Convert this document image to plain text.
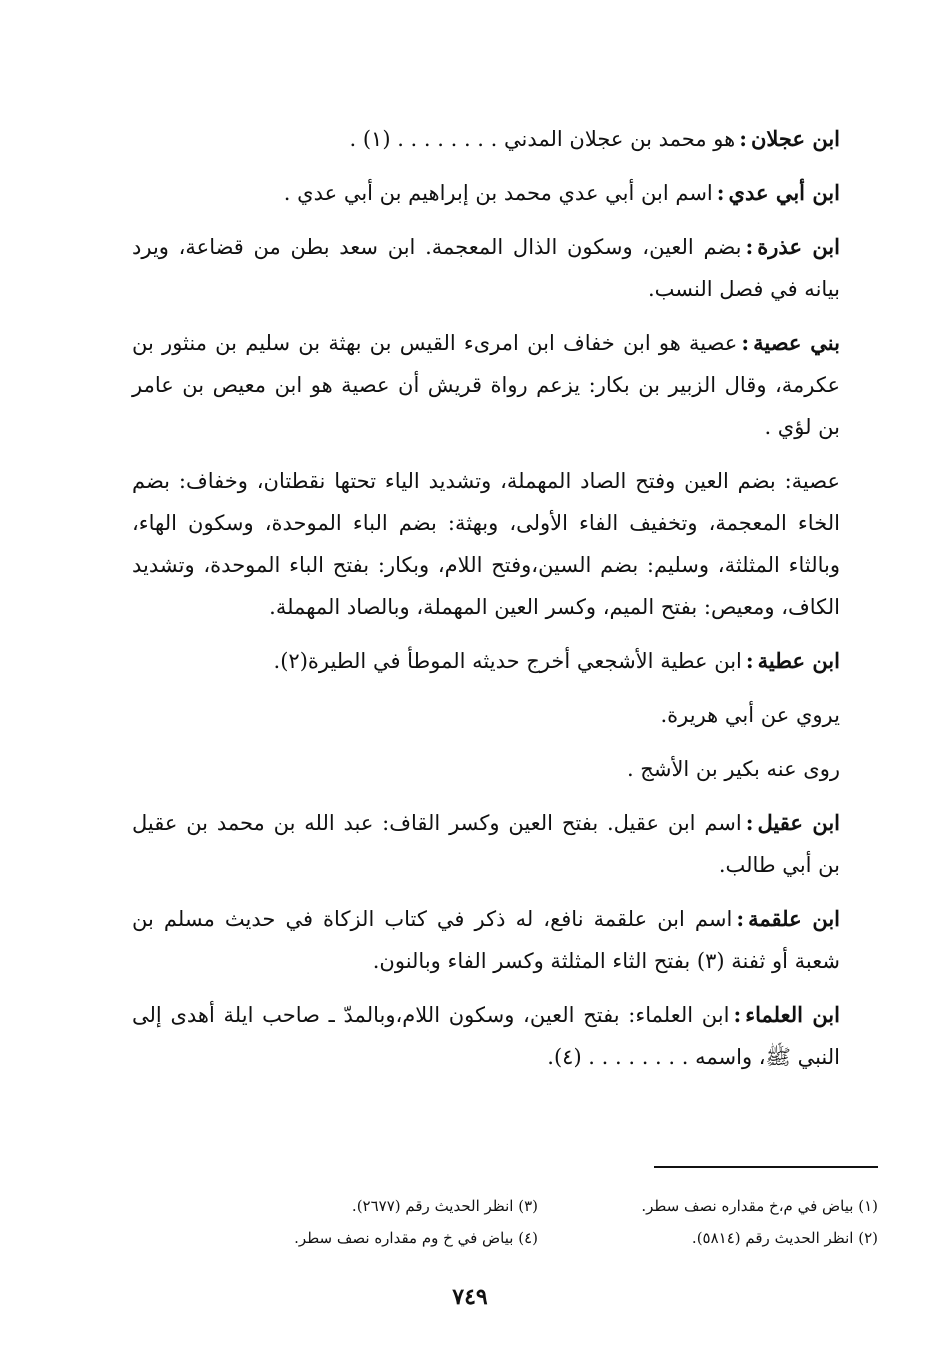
ابن عجلان:هو محمد بن عجلان المدني . . . . . . . . (١) .

ابن أبي عدي:اسم ابن أبي عدي محمد بن إبراهيم بن أبي عدي .

ابن عذرة:بضم العين، وسكون الذال المعجمة. ابن سعد بطن من قضاعة، ويرد بيانه في فصل النسب.

بني عصية:عصية هو ابن خفاف ابن امرىء القيس بن بهثة بن سليم بن منثور بن عكرمة، وقال الزبير بن بكار: يزعم رواة قريش أن عصية هو ابن معيص بن عامر بن لؤي .

عصية: بضم العين وفتح الصاد المهملة، وتشديد الياء تحتها نقطتان، وخفاف: بضم الخاء المعجمة، وتخفيف الفاء الأولى، وبهثة: بضم الباء الموحدة، وسكون الهاء، وبالثاء المثلثة، وسليم: بضم السين،وفتح اللام، وبكار: بفتح الباء الموحدة، وتشديد الكاف، ومعيص: بفتح الميم، وكسر العين المهملة، وبالصاد المهملة.

ابن عطية:ابن عطية الأشجعي أخرج حديثه الموطأ في الطيرة(٢).

يروي عن أبي هريرة.

روى عنه بكير بن الأشج .

ابن عقيل:اسم ابن عقيل. بفتح العين وكسر القاف: عبد الله بن محمد بن عقيل بن أبي طالب.

ابن علقمة:اسم ابن علقمة نافع، له ذكر في كتاب الزكاة في حديث مسلم بن شعبة أو ثفنة (٣) بفتح الثاء المثلثة وكسر الفاء وبالنون.

ابن العلماء:ابن العلماء: بفتح العين، وسكون اللام،وبالمدّ ـ صاحب ايلة أهدى إلى النبي ﷺ، واسمه . . . . . . . . (٤).

(١) بياض في م،خ مقداره نصف سطر.
(٣) انظر الحديث رقم (٢٦٧٧).
(٢) انظر الحديث رقم (٥٨١٤).
(٤) بياض في خ وم مقداره نصف سطر.
٧٤٩
